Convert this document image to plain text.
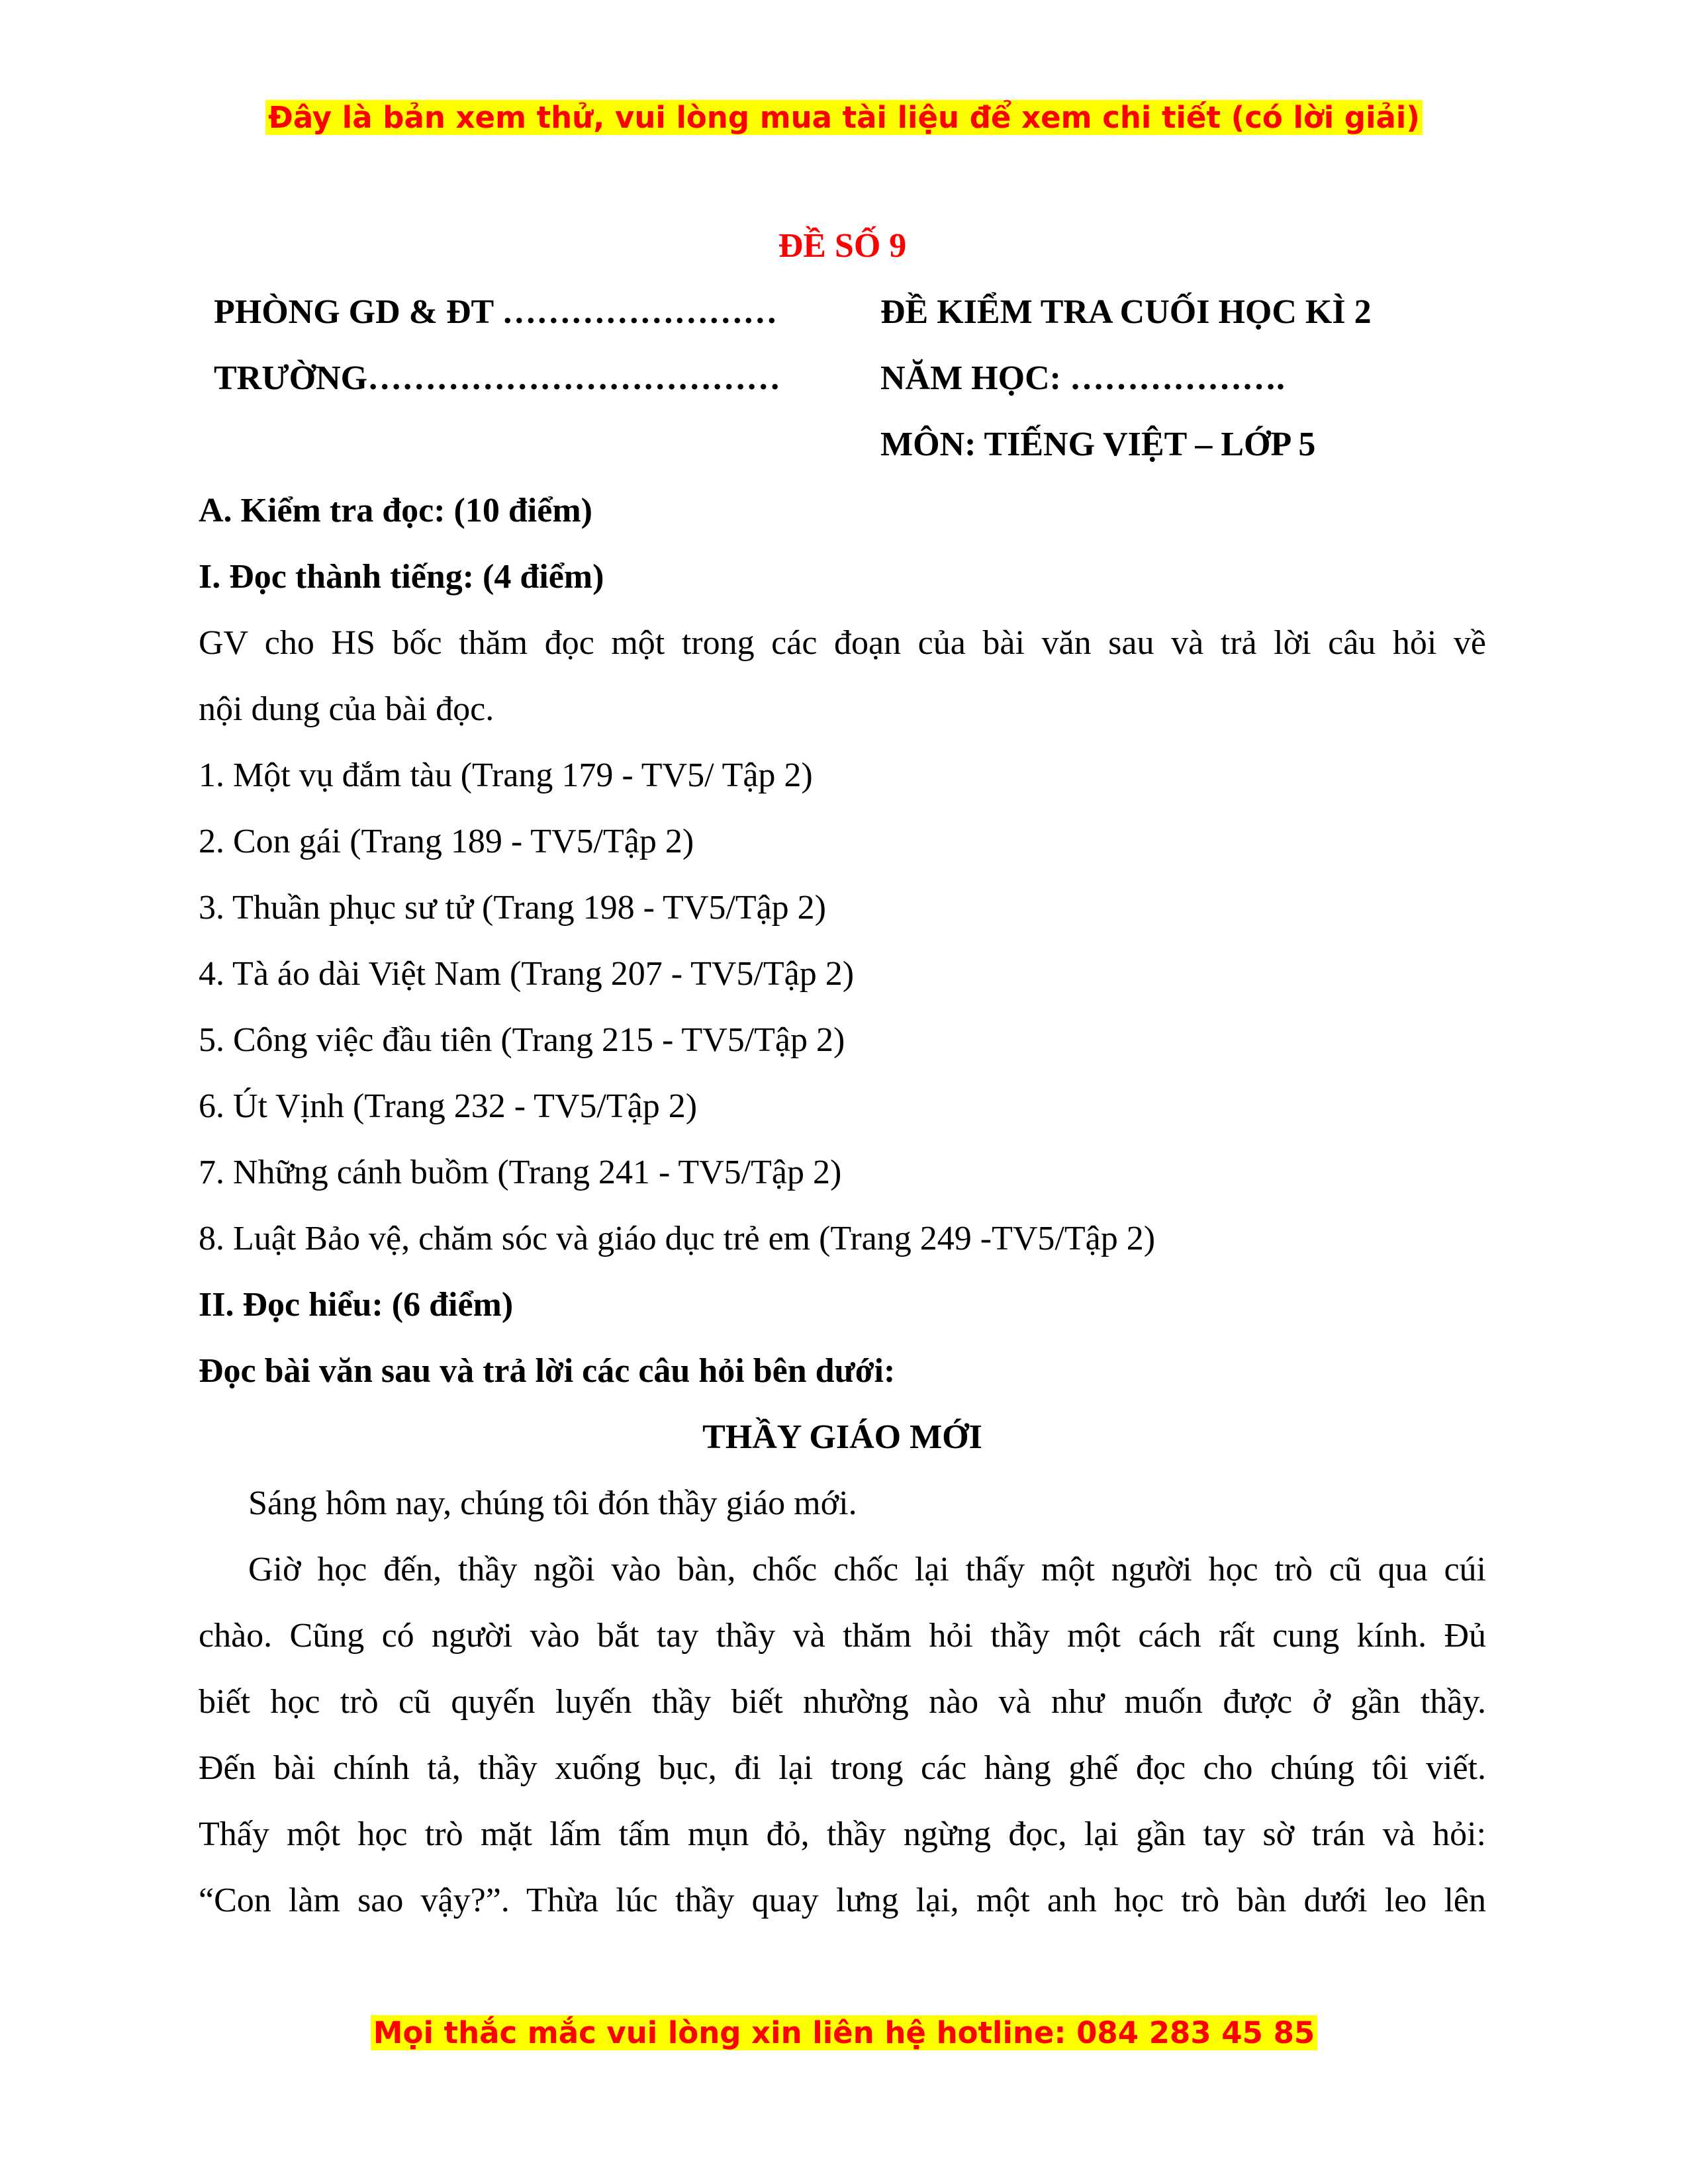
Đây là bản xem thử, vui lòng mua tài liệu để xem chi tiết (có lời giải)
ĐỀ SỐ 9
PHÒNG GD & ĐT ……………………	ĐỀ KIỂM TRA CUỐI HỌC KÌ 2
TRƯỜNG………………………………	NĂM HỌC: ……………….
MÔN: TIẾNG VIỆT – LỚP 5
A. Kiểm tra đọc: (10 điểm)
I. Đọc thành tiếng: (4 điểm)
GV cho HS bốc thăm đọc một trong các đoạn của bài văn sau và trả lời câu hỏi về
nội dung của bài đọc.
1. Một vụ đắm tàu (Trang 179 - TV5/ Tập 2)
2. Con gái (Trang 189 - TV5/Tập 2)
3. Thuần phục sư tử (Trang 198 - TV5/Tập 2)
4. Tà áo dài Việt Nam (Trang 207 - TV5/Tập 2)
5. Công việc đầu tiên (Trang 215 - TV5/Tập 2)
6. Út Vịnh (Trang 232 - TV5/Tập 2)
7. Những cánh buồm (Trang 241 - TV5/Tập 2)
8. Luật Bảo vệ, chăm sóc và giáo dục trẻ em (Trang 249 -TV5/Tập 2)
II. Đọc hiểu: (6 điểm)
Đọc bài văn sau và trả lời các câu hỏi bên dưới:
THẦY GIÁO MỚI
Sáng hôm nay, chúng tôi đón thầy giáo mới.
Giờ học đến, thầy ngồi vào bàn, chốc chốc lại thấy một người học trò cũ qua cúi
chào. Cũng có người vào bắt tay thầy và thăm hỏi thầy một cách rất cung kính. Đủ
biết học trò cũ quyến luyến thầy biết nhường nào và như muốn được ở gần thầy.
Đến bài chính tả, thầy xuống bục, đi lại trong các hàng ghế đọc cho chúng tôi viết.
Thấy một học trò mặt lấm tấm mụn đỏ, thầy ngừng đọc, lại gần tay sờ trán và hỏi:
“Con làm sao vậy?”. Thừa lúc thầy quay lưng lại, một anh học trò bàn dưới leo lên
Mọi thắc mắc vui lòng xin liên hệ hotline: 084 283 45 85
